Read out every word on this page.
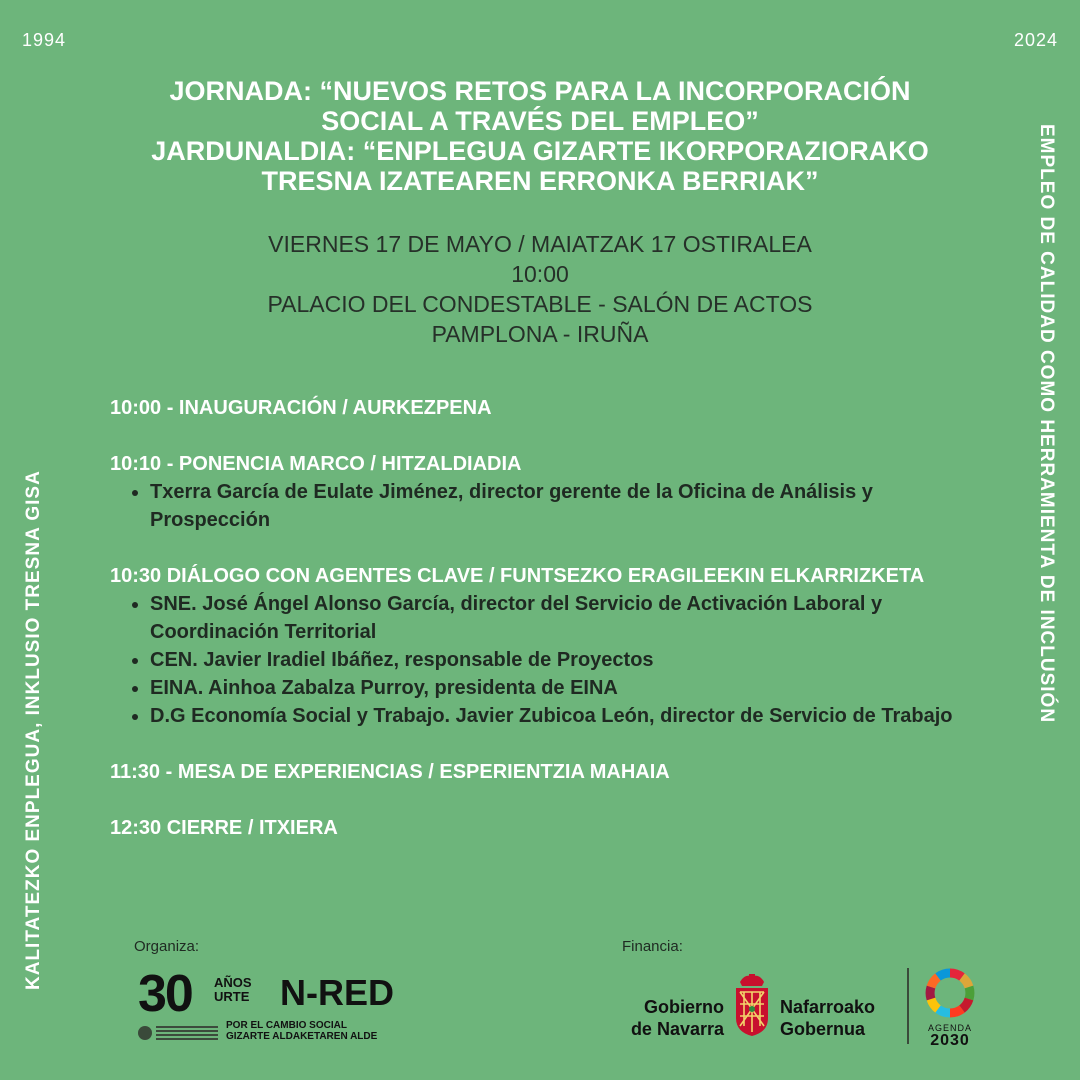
1994	2024
JORNADA: “NUEVOS RETOS PARA LA INCORPORACIÓN
SOCIAL A TRAVÉS DEL EMPLEO”
JARDUNALDIA: “ENPLEGUA GIZARTE IKORPORAZIORAKO
TRESNA IZATEAREN ERRONKA BERRIAK”
VIERNES 17 DE MAYO / MAIATZAK 17 OSTIRALEA
10:00
PALACIO DEL CONDESTABLE - SALÓN DE ACTOS
PAMPLONA - IRUÑA
KALITATEZKO ENPLEGUA, INKLUSIO TRESNA GISA
EMPLEO DE CALIDAD COMO HERRAMIENTA DE INCLUSIÓN
10:00 - INAUGURACIÓN / AURKEZPENA
10:10 - PONENCIA MARCO / HITZALDIADIA
• Txerra García de Eulate Jiménez, director gerente de la Oficina de Análisis y Prospección
10:30 DIÁLOGO CON AGENTES CLAVE / FUNTSEZKO ERAGILEEKIN ELKARRIZKETA
• SNE. José Ángel Alonso García, director del Servicio de Activación Laboral y Coordinación Territorial
• CEN. Javier Iradiel Ibáñez, responsable de Proyectos
• EINA. Ainhoa Zabalza Purroy, presidenta de EINA
• D.G Economía Social y Trabajo. Javier Zubicoa León, director de Servicio de Trabajo
11:30 - MESA DE EXPERIENCIAS / ESPERIENTZIA MAHAIA
12:30 CIERRE / ITXIERA
Organiza:	Financia:
30 AÑOS
URTE N-RED
POR EL CAMBIO SOCIAL
GIZARTE ALDAKETAREN ALDE
Gobierno
de Navarra
Nafarroako
Gobernua	AGENDA
2030
